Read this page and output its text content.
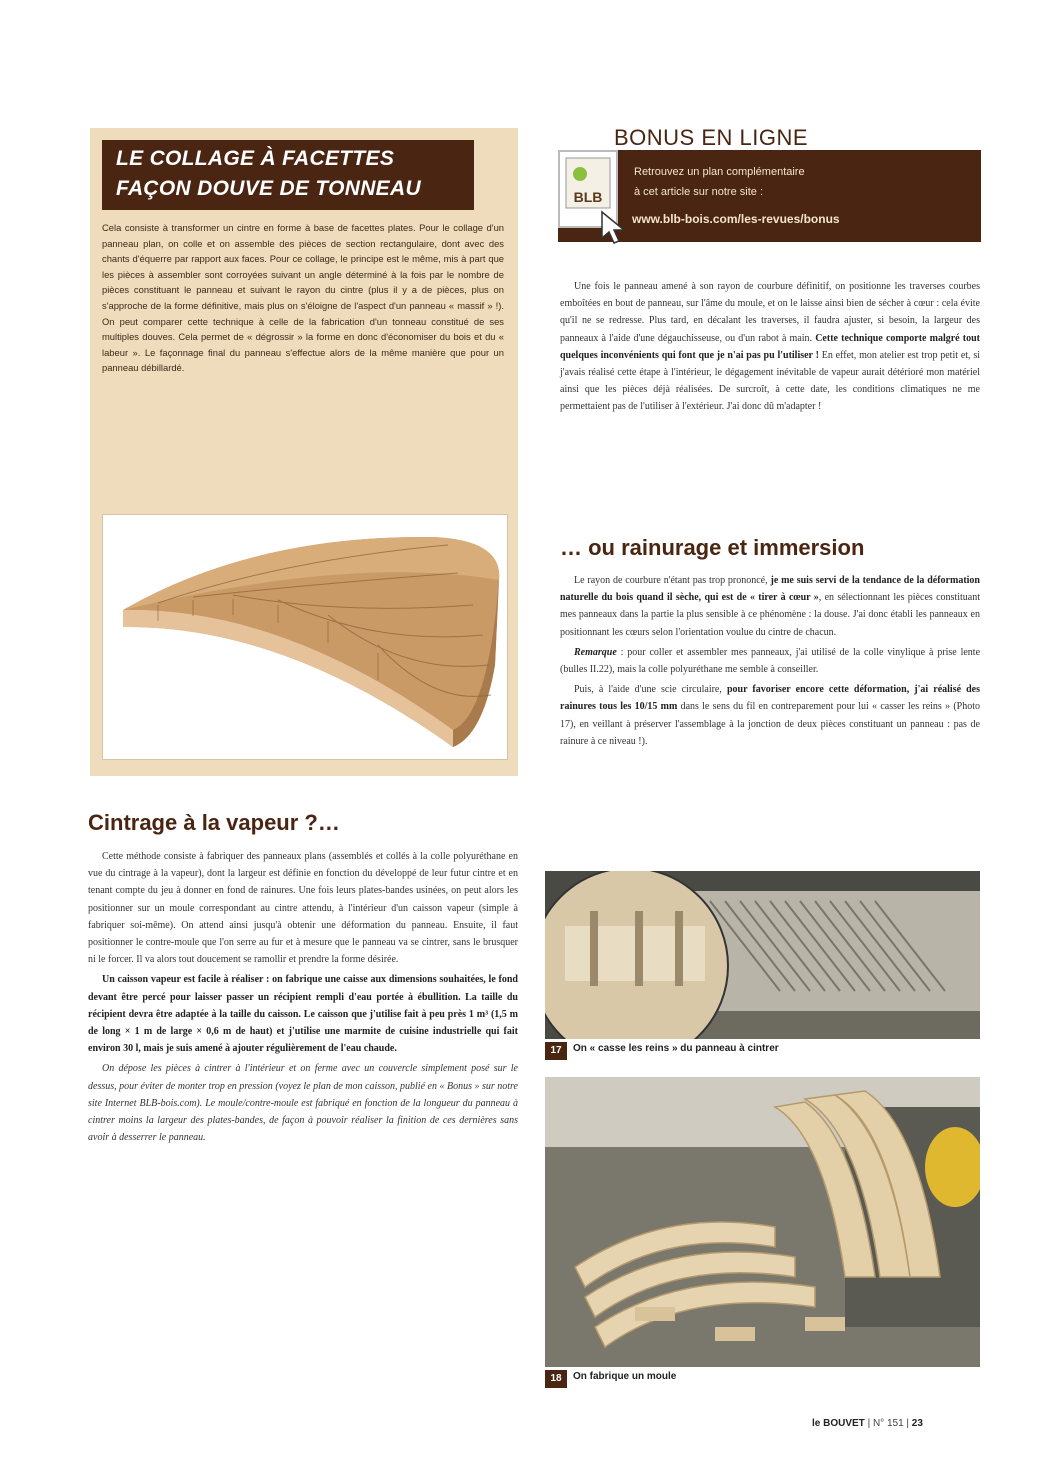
LE COLLAGE À FACETTES
FAÇON DOUVE DE TONNEAU
Cela consiste à transformer un cintre en forme à base de facettes plates. Pour le collage d'un panneau plan, on colle et on assemble des pièces de section rectangulaire, dont avec des chants d'équerre par rapport aux faces. Pour ce collage, le principe est le même, mis à part que les pièces à assembler sont corroyées suivant un angle déterminé à la fois par le nombre de pièces constituant le panneau et suivant le rayon du cintre (plus il y a de pièces, plus on s'approche de la forme définitive, mais plus on s'éloigne de l'aspect d'un panneau « massif » !). On peut comparer cette technique à celle de la fabrication d'un tonneau constitué de ses multiples douves. Cela permet de « dégrossir » la forme en donc d'économiser du bois et du « labeur ». Le façonnage final du panneau s'effectue alors de la même manière que pour un panneau débillardé.
BONUS EN LIGNE
BLB
Retrouvez un plan complémentaire
à cet article sur notre site :
www.blb-bois.com/les-revues/bonus

Une fois le panneau amené à son rayon de courbure définitif, on positionne les traverses courbes emboîtées en bout de panneau, sur l'âme du moule, et on le laisse ainsi bien de sécher à cœur : cela évite qu'il ne se redresse. Plus tard, en décalant les traverses, il faudra ajuster, si besoin, la largeur des panneaux à l'aide d'une dégauchisseuse, ou d'un rabot à main. Cette technique comporte malgré tout quelques inconvénients qui font que je n'ai pas pu l'utiliser ! En effet, mon atelier est trop petit et, si j'avais réalisé cette étape à l'intérieur, le dégagement inévitable de vapeur aurait détérioré mon matériel ainsi que les pièces déjà réalisées. De surcroît, à cette date, les conditions climatiques ne me permettaient pas de l'utiliser à l'extérieur. J'ai donc dû m'adapter !

… ou rainurage et immersion

Le rayon de courbure n'étant pas trop prononcé, je me suis servi de la tendance de la déformation naturelle du bois quand il sèche, qui est de « tirer à cœur », en sélectionnant les pièces constituant mes panneaux dans la partie la plus sensible à ce phénomène : la douse. J'ai donc établi les panneaux en positionnant les cœurs selon l'orientation voulue du cintre de chacun.

Remarque : pour coller et assembler mes panneaux, j'ai utilisé de la colle vinylique à prise lente (bulles II.22), mais la colle polyuréthane me semble à conseiller.

Puis, à l'aide d'une scie circulaire, pour favoriser encore cette déformation, j'ai réalisé des rainures tous les 10/15 mm dans le sens du fil en contreparement pour lui « casser les reins » (Photo 17), en veillant à préserver l'assemblage à la jonction de deux pièces constituant un panneau : pas de rainure à ce niveau !).

Cintrage à la vapeur ?…

Cette méthode consiste à fabriquer des panneaux plans (assemblés et collés à la colle polyuréthane en vue du cintrage à la vapeur), dont la largeur est définie en fonction du développé de leur futur cintre et en tenant compte du jeu à donner en fond de rainures. Une fois leurs plates-bandes usinées, on peut alors les positionner sur un moule correspondant au cintre attendu, à l'intérieur d'un caisson vapeur (simple à fabriquer soi-même). On attend ainsi jusqu'à obtenir une déformation du panneau. Ensuite, il faut positionner le contre-moule que l'on serre au fur et à mesure que le panneau va se cintrer, sans le brusquer ni le forcer. Il va alors tout doucement se ramollir et prendre la forme désirée.

Un caisson vapeur est facile à réaliser : on fabrique une caisse aux dimensions souhaitées, le fond devant être percé pour laisser passer un récipient rempli d'eau portée à ébullition. La taille du récipient devra être adaptée à la taille du caisson. Le caisson que j'utilise fait à peu près 1 m³ (1,5 m de long × 1 m de large × 0,6 m de haut) et j'utilise une marmite de cuisine industrielle qui fait environ 30 l, mais je suis amené à ajouter régulièrement de l'eau chaude.

On dépose les pièces à cintrer à l'intérieur et on ferme avec un couvercle simplement posé sur le dessus, pour éviter de monter trop en pression (voyez le plan de mon caisson, publié en « Bonus » sur notre site Internet BLB-bois.com). Le moule/contre-moule est fabriqué en fonction de la longueur du panneau à cintrer moins la largeur des plates-bandes, de façon à pouvoir réaliser la finition de ces dernières sans avoir à desserrer le panneau.

17	On « casse les reins » du panneau à cintrer
18	On fabrique un moule
le BOUVET | N° 151 | 23
